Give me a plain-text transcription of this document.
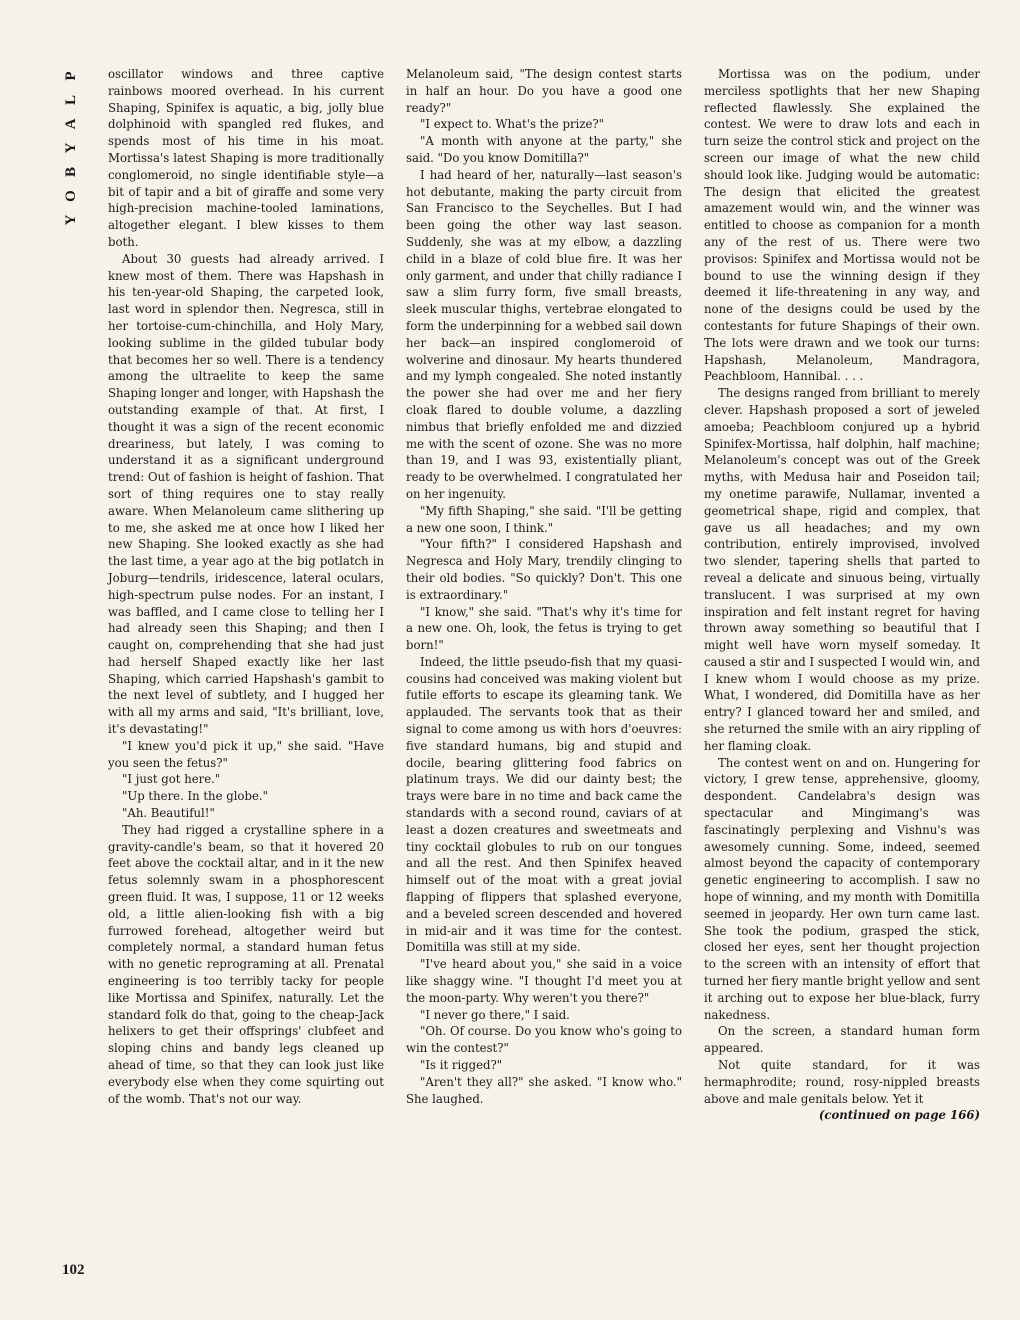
P
L
A
Y
B
O
Y

oscillator windows and three captive rainbows moored overhead. In his current Shaping, Spinifex is aquatic, a big, jolly blue dolphinoid with spangled red flukes, and spends most of his time in his moat. Mortissa's latest Shaping is more traditionally conglomeroid, no single identifiable style—a bit of tapir and a bit of giraffe and some very high-precision machine-tooled laminations, altogether elegant. I blew kisses to them both.

About 30 guests had already arrived. I knew most of them. There was Hapshash in his ten-year-old Shaping, the carpeted look, last word in splendor then. Negresca, still in her tortoise-cum-chinchilla, and Holy Mary, looking sublime in the gilded tubular body that becomes her so well. There is a tendency among the ultraelite to keep the same Shaping longer and longer, with Hapshash the outstanding example of that. At first, I thought it was a sign of the recent economic dreariness, but lately, I was coming to understand it as a significant underground trend: Out of fashion is height of fashion. That sort of thing requires one to stay really aware. When Melanoleum came slithering up to me, she asked me at once how I liked her new Shaping. She looked exactly as she had the last time, a year ago at the big potlatch in Joburg—tendrils, iridescence, lateral oculars, high-spectrum pulse nodes. For an instant, I was baffled, and I came close to telling her I had already seen this Shaping; and then I caught on, comprehending that she had just had herself Shaped exactly like her last Shaping, which carried Hapshash's gambit to the next level of subtlety, and I hugged her with all my arms and said, "It's brilliant, love, it's devastating!"

"I knew you'd pick it up," she said. "Have you seen the fetus?"

"I just got here."

"Up there. In the globe."

"Ah. Beautiful!"

They had rigged a crystalline sphere in a gravity-candle's beam, so that it hovered 20 feet above the cocktail altar, and in it the new fetus solemnly swam in a phosphorescent green fluid. It was, I suppose, 11 or 12 weeks old, a little alien-looking fish with a big furrowed forehead, altogether weird but completely normal, a standard human fetus with no genetic reprograming at all. Prenatal engineering is too terribly tacky for people like Mortissa and Spinifex, naturally. Let the standard folk do that, going to the cheap-Jack helixers to get their offsprings' clubfeet and sloping chins and bandy legs cleaned up ahead of time, so that they can look just like everybody else when they come squirting out of the womb. That's not our way.

Melanoleum said, "The design contest starts in half an hour. Do you have a good one ready?"

"I expect to. What's the prize?"

"A month with anyone at the party," she said. "Do you know Domitilla?"

I had heard of her, naturally—last season's hot debutante, making the party circuit from San Francisco to the Seychelles. But I had been going the other way last season. Suddenly, she was at my elbow, a dazzling child in a blaze of cold blue fire. It was her only garment, and under that chilly radiance I saw a slim furry form, five small breasts, sleek muscular thighs, vertebrae elongated to form the underpinning for a webbed sail down her back—an inspired conglomeroid of wolverine and dinosaur. My hearts thundered and my lymph congealed. She noted instantly the power she had over me and her fiery cloak flared to double volume, a dazzling nimbus that briefly enfolded me and dizzied me with the scent of ozone. She was no more than 19, and I was 93, existentially pliant, ready to be overwhelmed. I congratulated her on her ingenuity.

"My fifth Shaping," she said. "I'll be getting a new one soon, I think."

"Your fifth?" I considered Hapshash and Negresca and Holy Mary, trendily clinging to their old bodies. "So quickly? Don't. This one is extraordinary."

"I know," she said. "That's why it's time for a new one. Oh, look, the fetus is trying to get born!"

Indeed, the little pseudo-fish that my quasi-cousins had conceived was making violent but futile efforts to escape its gleaming tank. We applauded. The servants took that as their signal to come among us with hors d'oeuvres: five standard humans, big and stupid and docile, bearing glittering food fabrics on platinum trays. We did our dainty best; the trays were bare in no time and back came the standards with a second round, caviars of at least a dozen creatures and sweetmeats and tiny cocktail globules to rub on our tongues and all the rest. And then Spinifex heaved himself out of the moat with a great jovial flapping of flippers that splashed everyone, and a beveled screen descended and hovered in mid-air and it was time for the contest. Domitilla was still at my side.

"I've heard about you," she said in a voice like shaggy wine. "I thought I'd meet you at the moon-party. Why weren't you there?"

"I never go there," I said.

"Oh. Of course. Do you know who's going to win the contest?"

"Is it rigged?"

"Aren't they all?" she asked. "I know who." She laughed.

Mortissa was on the podium, under merciless spotlights that her new Shaping reflected flawlessly. She explained the contest. We were to draw lots and each in turn seize the control stick and project on the screen our image of what the new child should look like. Judging would be automatic: The design that elicited the greatest amazement would win, and the winner was entitled to choose as companion for a month any of the rest of us. There were two provisos: Spinifex and Mortissa would not be bound to use the winning design if they deemed it life-threatening in any way, and none of the designs could be used by the contestants for future Shapings of their own. The lots were drawn and we took our turns: Hapshash, Melanoleum, Mandragora, Peachbloom, Hannibal. . . .

The designs ranged from brilliant to merely clever. Hapshash proposed a sort of jeweled amoeba; Peachbloom conjured up a hybrid Spinifex-Mortissa, half dolphin, half machine; Melanoleum's concept was out of the Greek myths, with Medusa hair and Poseidon tail; my onetime parawife, Nullamar, invented a geometrical shape, rigid and complex, that gave us all headaches; and my own contribution, entirely improvised, involved two slender, tapering shells that parted to reveal a delicate and sinuous being, virtually translucent. I was surprised at my own inspiration and felt instant regret for having thrown away something so beautiful that I might well have worn myself someday. It caused a stir and I suspected I would win, and I knew whom I would choose as my prize. What, I wondered, did Domitilla have as her entry? I glanced toward her and smiled, and she returned the smile with an airy rippling of her flaming cloak.

The contest went on and on. Hungering for victory, I grew tense, apprehensive, gloomy, despondent. Candelabra's design was spectacular and Mingimang's was fascinatingly perplexing and Vishnu's was awesomely cunning. Some, indeed, seemed almost beyond the capacity of contemporary genetic engineering to accomplish. I saw no hope of winning, and my month with Domitilla seemed in jeopardy. Her own turn came last. She took the podium, grasped the stick, closed her eyes, sent her thought projection to the screen with an intensity of effort that turned her fiery mantle bright yellow and sent it arching out to expose her blue-black, furry nakedness.

On the screen, a standard human form appeared.

Not quite standard, for it was hermaphrodite; round, rosy-nippled breasts above and male genitals below. Yet it

(continued on page 166)

102
